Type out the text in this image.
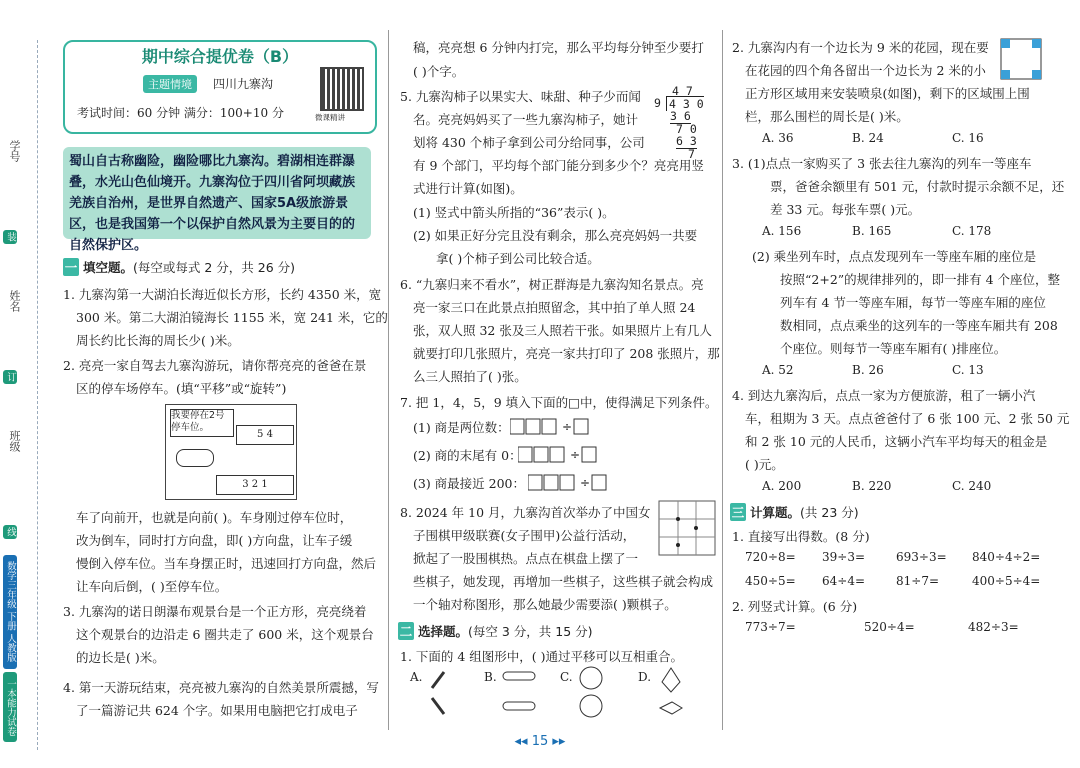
学号
姓名
班级
装
订
线
数学三年级 下册 人教版
一本能力试卷
期中综合提优卷（B）
主题情境	四川九寨沟
考试时间：60 分钟 满分：100+10 分	微课精讲
蜀山自古称幽险，幽险哪比九寨沟。碧湖相连群瀑叠，水光山色仙境开。九寨沟位于四川省阿坝藏族羌族自治州，是世界自然遗产、国家5A级旅游景区，也是我国第一个以保护自然风景为主要目的的自然保护区。
一 填空题。(每空或每式 2 分，共 26 分)
1. 九寨沟第一大湖泊长海近似长方形，长约 4350 米，宽
300 米。第二大湖泊镜海长 1155 米，宽 241 米，它的
周长约比长海的周长少( )米。
2. 亮亮一家自驾去九寨沟游玩，请你帮亮亮的爸爸在景
区的停车场停车。(填“平移”或“旋转”)
我要停在2号停车位。
5 4
3 2 1
车了向前开，也就是向前( )。车身刚过停车位时，
改为倒车，同时打方向盘，即( )方向盘，让车子缓
慢倒入停车位。当车身摆正时，迅速回打方向盘，然后
让车向后倒，( )至停车位。
3. 九寨沟的诺日朗瀑布观景台是一个正方形，亮亮绕着
这个观景台的边沿走 6 圈共走了 600 米，这个观景台
的边长是( )米。
4. 第一天游玩结束，亮亮被九寨沟的自然美景所震撼，写
了一篇游记共 624 个字。如果用电脑把它打成电子
稿，亮亮想 6 分钟内打完，那么平均每分钟至少要打
( )个字。
5. 九寨沟柿子以果实大、味甜、种子少而闻
名。亮亮妈妈买了一些九寨沟柿子，她计
划将 430 个柿子拿到公司分给同事，公司
有 9 个部门，平均每个部门能分到多少个？亮亮用竖
式进行计算(如图)。
4 7
9 4 3 0
3 6
7 0
6 3
7
(1) 竖式中箭头所指的“36”表示( )。
(2) 如果正好分完且没有剩余，那么亮亮妈妈一共要
拿( )个柿子到公司比较合适。
6. “九寨归来不看水”，树正群海是九寨沟知名景点。亮
亮一家三口在此景点拍照留念，其中拍了单人照 24
张，双人照 32 张及三人照若干张。如果照片上有几人
就要打印几张照片，亮亮一家共打印了 208 张照片，那
么三人照拍了( )张。
7. 把 1，4，5，9 填入下面的□中，使得满足下列条件。
(1) 商是两位数：
(2) 商的末尾有 0：
(3) 商最接近 200：
÷
÷
÷
8. 2024 年 10 月，九寨沟首次举办了中国女
子围棋甲级联赛(女子围甲)公益行活动，
掀起了一股围棋热。点点在棋盘上摆了一
些棋子，她发现，再增加一些棋子，这些棋子就会构成
一个轴对称图形，那么她最少需要添( )颗棋子。
二 选择题。(每空 3 分，共 15 分)
1. 下面的 4 组图形中，( )通过平移可以互相重合。
A.	B.	C.	D.
2. 九寨沟内有一个边长为 9 米的花园，现在要
在花园的四个角各留出一个边长为 2 米的小
正方形区域用来安装喷泉(如图)，剩下的区域围上围
栏，那么围栏的周长是( )米。
A. 36	B. 24	C. 16
3. (1)点点一家购买了 3 张去往九寨沟的列车一等座车
票，爸爸余额里有 501 元，付款时提示余额不足，还
差 33 元。每张车票( )元。
A. 156	B. 165	C. 178
(2) 乘坐列车时，点点发现列车一等座车厢的座位是
按照“2+2”的规律排列的，即一排有 4 个座位，整
列车有 4 节一等座车厢，每节一等座车厢的座位
数相同，点点乘坐的这列车的一等座车厢共有 208
个座位。则每节一等座车厢有( )排座位。
A. 52	B. 26	C. 13
4. 到达九寨沟后，点点一家为方便旅游，租了一辆小汽
车，租期为 3 天。点点爸爸付了 6 张 100 元、2 张 50 元
和 2 张 10 元的人民币，这辆小汽车平均每天的租金是
( )元。
A. 200	B. 220	C. 240
三 计算题。(共 23 分)
1. 直接写出得数。(8 分)
720÷8= 39÷3=	693÷3= 840÷4÷2=
450÷5= 64÷4=	81÷7=	400÷5÷4=
2. 列竖式计算。(6 分)
773÷7=	520÷4=	482÷3=
◂◂ 15 ▸▸
